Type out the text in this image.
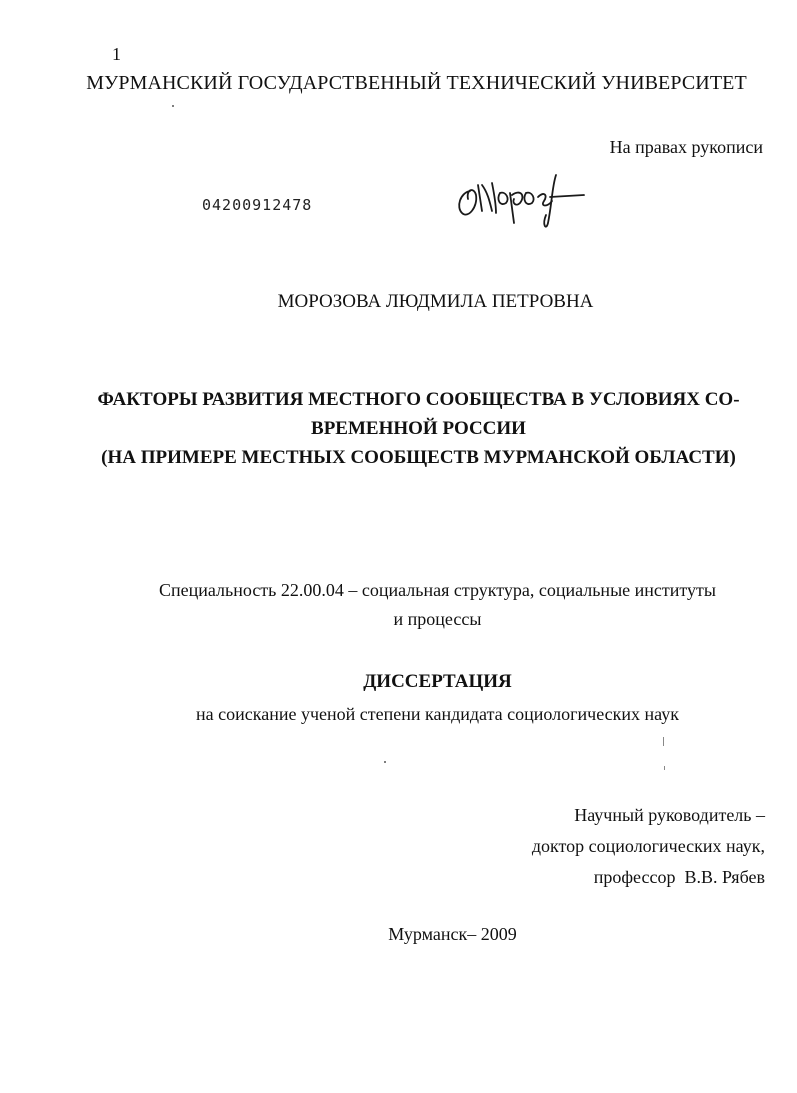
1
МУРМАНСКИЙ ГОСУДАРСТВЕННЫЙ ТЕХНИЧЕСКИЙ УНИВЕРСИТЕТ
На правах рукописи
04200912478
МОРОЗОВА ЛЮДМИЛА ПЕТРОВНА
ФАКТОРЫ РАЗВИТИЯ МЕСТНОГО СООБЩЕСТВА В УСЛОВИЯХ СО-
ВРЕМЕННОЙ РОССИИ
(НА ПРИМЕРЕ МЕСТНЫХ СООБЩЕСТВ МУРМАНСКОЙ ОБЛАСТИ)
Специальность 22.00.04 – социальная структура, социальные институты
и процессы
ДИССЕРТАЦИЯ
на соискание ученой степени кандидата социологических наук
Научный руководитель –
доктор социологических наук,
профессор  В.В. Рябев
Мурманск– 2009
